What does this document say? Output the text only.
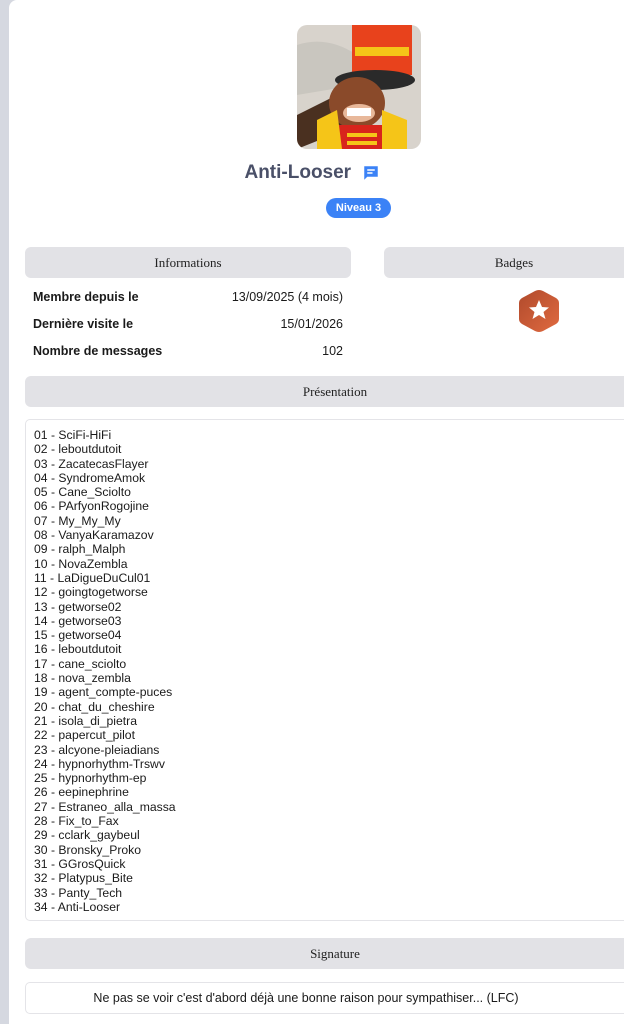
Anti-Looser
Niveau 3
Informations	Badges
Membre depuis le	13/09/2025 (4 mois)
Dernière visite le	15/01/2026
Nombre de messages	102
Présentation
01 - SciFi-HiFi
02 - leboutdutoit
03 - ZacatecasFlayer
04 - SyndromeAmok
05 - Cane_Sciolto
06 - PArfyonRogojine
07 - My_My_My
08 - VanyaKaramazov
09 - ralph_Malph
10 - NovaZembla
11 - LaDigueDuCul01
12 - goingtogetworse
13 - getworse02
14 - getworse03
15 - getworse04
16 - leboutdutoit
17 - cane_sciolto
18 - nova_zembla
19 - agent_compte-puces
20 - chat_du_cheshire
21 - isola_di_pietra
22 - papercut_pilot
23 - alcyone-pleiadians
24 - hypnorhythm-Trswv
25 - hypnorhythm-ep
26 - eepinephrine
27 - Estraneo_alla_massa
28 - Fix_to_Fax
29 - cclark_gaybeul
30 - Bronsky_Proko
31 - GGrosQuick
32 - Platypus_Bite
33 - Panty_Tech
34 - Anti-Looser
Signature
Ne pas se voir c'est d'abord déjà une bonne raison pour sympathiser... (LFC)
